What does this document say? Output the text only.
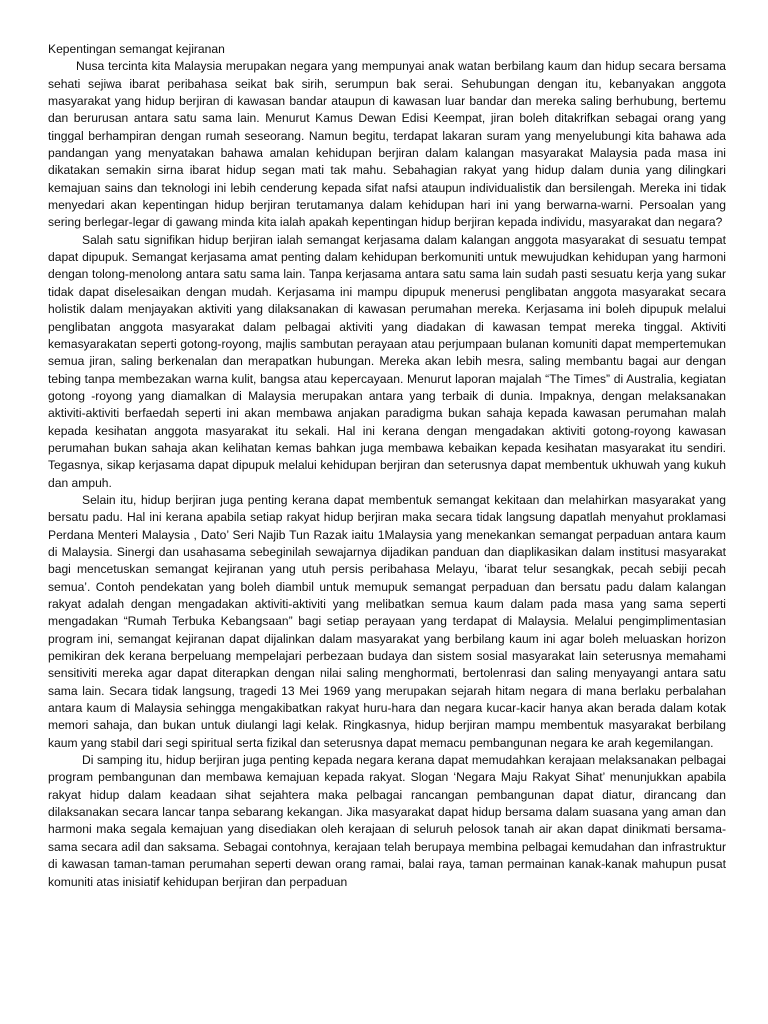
Kepentingan semangat kejiranan

Nusa tercinta kita Malaysia merupakan negara yang mempunyai anak watan berbilang kaum dan hidup secara bersama sehati sejiwa ibarat peribahasa seikat bak sirih, serumpun bak serai. Sehubungan dengan itu, kebanyakan anggota masyarakat yang hidup berjiran di kawasan bandar ataupun di kawasan luar bandar dan mereka saling berhubung, bertemu dan berurusan antara satu sama lain. Menurut Kamus Dewan Edisi Keempat, jiran boleh ditakrifkan sebagai orang yang tinggal berhampiran dengan rumah seseorang. Namun begitu, terdapat lakaran suram yang menyelubungi kita bahawa ada pandangan yang menyatakan bahawa amalan kehidupan berjiran dalam kalangan masyarakat Malaysia pada masa ini dikatakan semakin sirna ibarat hidup segan mati tak mahu. Sebahagian rakyat yang hidup dalam dunia yang dilingkari kemajuan sains dan teknologi ini lebih cenderung kepada sifat nafsi ataupun individualistik dan bersilengah. Mereka ini tidak menyedari akan kepentingan hidup berjiran terutamanya dalam kehidupan hari ini yang berwarna-warni. Persoalan yang sering berlegar-legar di gawang minda kita ialah apakah kepentingan hidup berjiran kepada individu, masyarakat dan negara?

Salah satu signifikan hidup berjiran ialah semangat kerjasama dalam kalangan anggota masyarakat di sesuatu tempat dapat dipupuk. Semangat kerjasama amat penting dalam kehidupan berkomuniti untuk mewujudkan kehidupan yang harmoni dengan tolong-menolong antara satu sama lain. Tanpa kerjasama antara satu sama lain sudah pasti sesuatu kerja yang sukar tidak dapat diselesaikan dengan mudah. Kerjasama ini mampu dipupuk menerusi penglibatan anggota masyarakat secara holistik dalam menjayakan aktiviti yang dilaksanakan di kawasan perumahan mereka. Kerjasama ini boleh dipupuk melalui penglibatan anggota masyarakat dalam pelbagai aktiviti yang diadakan di kawasan tempat mereka tinggal. Aktiviti kemasyarakatan seperti gotong-royong, majlis sambutan perayaan atau perjumpaan bulanan komuniti dapat mempertemukan semua jiran, saling berkenalan dan merapatkan hubungan. Mereka akan lebih mesra, saling membantu bagai aur dengan tebing tanpa membezakan warna kulit, bangsa atau kepercayaan. Menurut laporan majalah “The Times” di Australia, kegiatan gotong -royong yang diamalkan di Malaysia merupakan antara yang terbaik di dunia. Impaknya, dengan melaksanakan aktiviti-aktiviti berfaedah seperti ini akan membawa anjakan paradigma bukan sahaja kepada kawasan perumahan malah kepada kesihatan anggota masyarakat itu sekali. Hal ini kerana dengan mengadakan aktiviti gotong-royong kawasan perumahan bukan sahaja akan kelihatan kemas bahkan juga membawa kebaikan kepada kesihatan masyarakat itu sendiri. Tegasnya, sikap kerjasama dapat dipupuk melalui kehidupan berjiran dan seterusnya dapat membentuk ukhuwah yang kukuh dan ampuh.

Selain itu, hidup berjiran juga penting kerana dapat membentuk semangat kekitaan dan melahirkan masyarakat yang bersatu padu. Hal ini kerana apabila setiap rakyat hidup berjiran maka secara tidak langsung dapatlah menyahut proklamasi Perdana Menteri Malaysia , Dato’ Seri Najib Tun Razak iaitu 1Malaysia yang menekankan semangat perpaduan antara kaum di Malaysia. Sinergi dan usahasama sebeginilah sewajarnya dijadikan panduan dan diaplikasikan dalam institusi masyarakat bagi mencetuskan semangat kejiranan yang utuh persis peribahasa Melayu, ‘ibarat telur sesangkak, pecah sebiji pecah semua’. Contoh pendekatan yang boleh diambil untuk memupuk semangat perpaduan dan bersatu padu dalam kalangan rakyat adalah dengan mengadakan aktiviti-aktiviti yang melibatkan semua kaum dalam pada masa yang sama seperti mengadakan “Rumah Terbuka Kebangsaan” bagi setiap perayaan yang terdapat di Malaysia. Melalui pengimplimentasian program ini, semangat kejiranan dapat dijalinkan dalam masyarakat yang berbilang kaum ini agar boleh meluaskan horizon pemikiran dek kerana berpeluang mempelajari perbezaan budaya dan sistem sosial masyarakat lain seterusnya memahami sensitiviti mereka agar dapat diterapkan dengan nilai saling menghormati, bertolenrasi dan saling menyayangi antara satu sama lain. Secara tidak langsung, tragedi 13 Mei 1969 yang merupakan sejarah hitam negara di mana berlaku perbalahan antara kaum di Malaysia sehingga mengakibatkan rakyat huru-hara dan negara kucar-kacir hanya akan berada dalam kotak memori sahaja, dan bukan untuk diulangi lagi kelak. Ringkasnya, hidup berjiran mampu membentuk masyarakat berbilang kaum yang stabil dari segi spiritual serta fizikal dan seterusnya dapat memacu pembangunan negara ke arah kegemilangan.

Di samping itu, hidup berjiran juga penting kepada negara kerana dapat memudahkan kerajaan melaksanakan pelbagai program pembangunan dan membawa kemajuan kepada rakyat. Slogan ‘Negara Maju Rakyat Sihat’ menunjukkan apabila rakyat hidup dalam keadaan sihat sejahtera maka pelbagai rancangan pembangunan dapat diatur, dirancang dan dilaksanakan secara lancar tanpa sebarang kekangan. Jika masyarakat dapat hidup bersama dalam suasana yang aman dan harmoni maka segala kemajuan yang disediakan oleh kerajaan di seluruh pelosok tanah air akan dapat dinikmati bersama-sama secara adil dan saksama. Sebagai contohnya, kerajaan telah berupaya membina pelbagai kemudahan dan infrastruktur di kawasan taman-taman perumahan seperti dewan orang ramai, balai raya, taman permainan kanak-kanak mahupun pusat komuniti atas inisiatif kehidupan berjiran dan perpaduan
